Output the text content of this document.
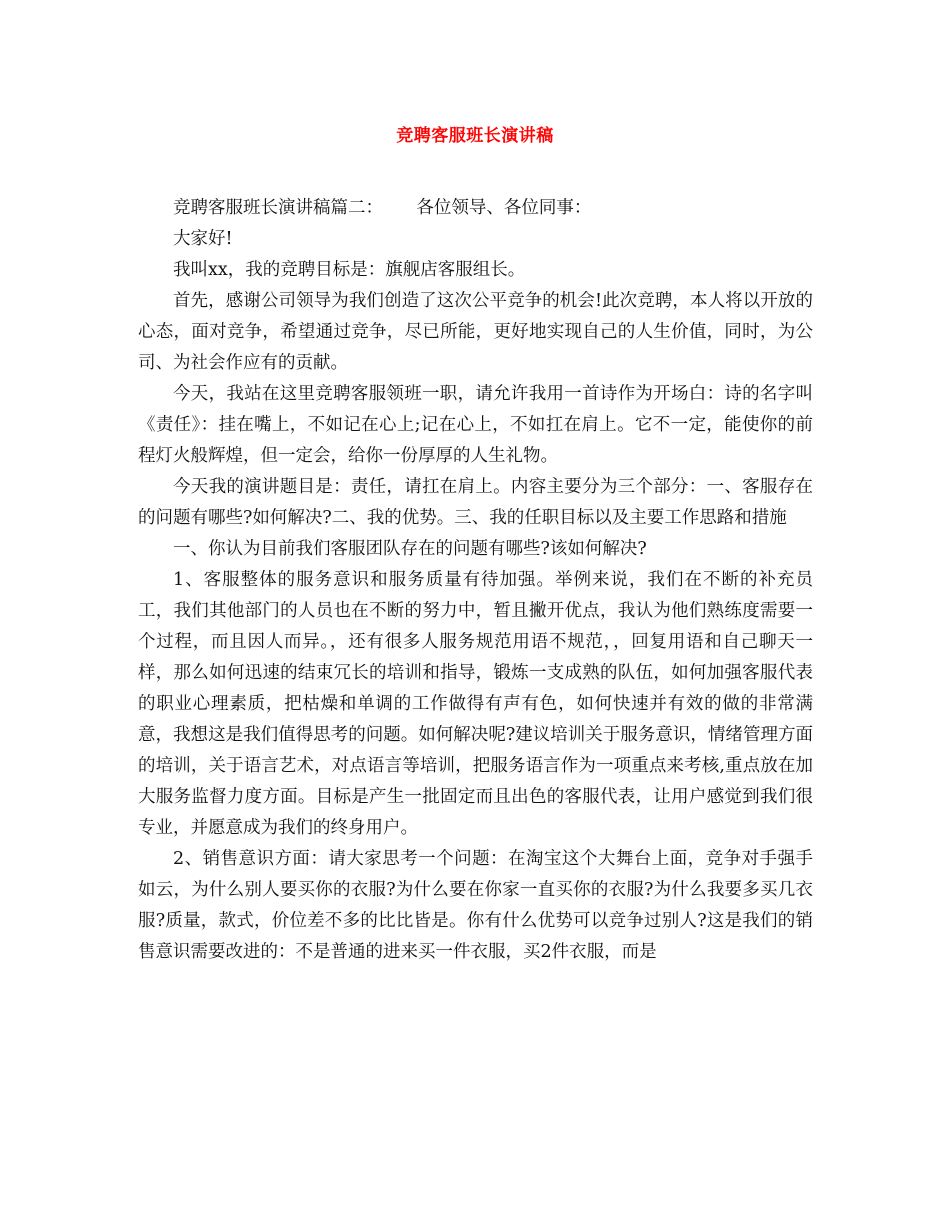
竞聘客服班长演讲稿

竞聘客服班长演讲稿篇二：      各位领导、各位同事：

大家好!

我叫xx，我的竞聘目标是：旗舰店客服组长。

首先，感谢公司领导为我们创造了这次公平竞争的机会!此次竞聘，本人将以开放的心态，面对竞争，希望通过竞争，尽已所能，更好地实现自己的人生价值，同时，为公司、为社会作应有的贡献。

今天，我站在这里竞聘客服领班一职，请允许我用一首诗作为开场白：诗的名字叫《责任》：挂在嘴上，不如记在心上;记在心上，不如扛在肩上。它不一定，能使你的前程灯火般辉煌，但一定会，给你一份厚厚的人生礼物。

今天我的演讲题目是：责任，请扛在肩上。内容主要分为三个部分：一、客服存在的问题有哪些?如何解决?二、我的优势。三、我的任职目标以及主要工作思路和措施

一、你认为目前我们客服团队存在的问题有哪些?该如何解决?

1、客服整体的服务意识和服务质量有待加强。举例来说，我们在不断的补充员工，我们其他部门的人员也在不断的努力中，暂且撇开优点，我认为他们熟练度需要一个过程，而且因人而异。，还有很多人服务规范用语不规范，，回复用语和自己聊天一样，那么如何迅速的结束冗长的培训和指导，锻炼一支成熟的队伍，如何加强客服代表的职业心理素质，把枯燥和单调的工作做得有声有色，如何快速并有效的做的非常满意，我想这是我们值得思考的问题。如何解决呢?建议培训关于服务意识，情绪管理方面的培训，关于语言艺术，对点语言等培训，把服务语言作为一项重点来考核,重点放在加大服务监督力度方面。目标是产生一批固定而且出色的客服代表，让用户感觉到我们很专业，并愿意成为我们的终身用户。

2、销售意识方面：请大家思考一个问题：在淘宝这个大舞台上面，竞争对手强手如云，为什么别人要买你的衣服?为什么要在你家一直买你的衣服?为什么我要多买几衣服?质量，款式，价位差不多的比比皆是。你有什么优势可以竞争过别人?这是我们的销售意识需要改进的：不是普通的进来买一件衣服，买2件衣服，而是
